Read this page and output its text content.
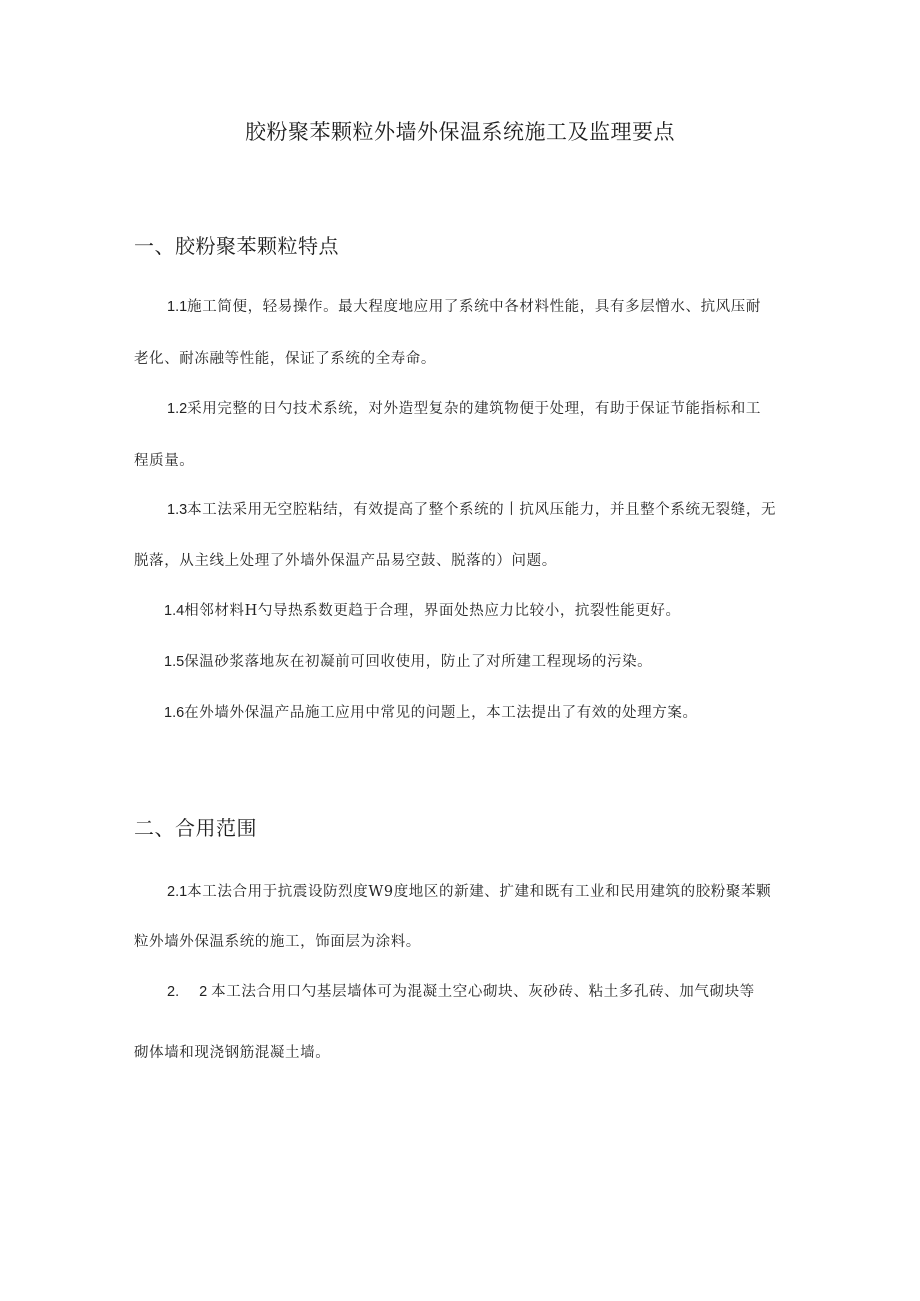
胶粉聚苯颗粒外墙外保温系统施工及监理要点
一、胶粉聚苯颗粒特点
1.1施工简便，轻易操作。最大程度地应用了系统中各材料性能，具有多层憎水、抗风压耐
老化、耐冻融等性能，保证了系统的全寿命。
1.2采用完整的日勺技术系统，对外造型复杂的建筑物便于处理，有助于保证节能指标和工
程质量。
1.3本工法采用无空腔粘结，有效提高了整个系统的丨抗风压能力，并且整个系统无裂缝，无
脱落，从主线上处理了外墙外保温产品易空鼓、脱落的）问题。
1.4相邻材料H勺导热系数更趋于合理，界面处热应力比较小，抗裂性能更好。
1.5保温砂浆落地灰在初凝前可回收使用，防止了对所建工程现场的污染。
1.6在外墙外保温产品施工应用中常见的问题上，本工法提出了有效的处理方案。
二、合用范围
2.1本工法合用于抗震设防烈度W9度地区的新建、扩建和既有工业和民用建筑的胶粉聚苯颗
粒外墙外保温系统的施工，饰面层为涂料。
2. 2 本工法合用口勺基层墙体可为混凝土空心砌块、灰砂砖、粘土多孔砖、加气砌块等
砌体墙和现浇钢筋混凝土墙。
